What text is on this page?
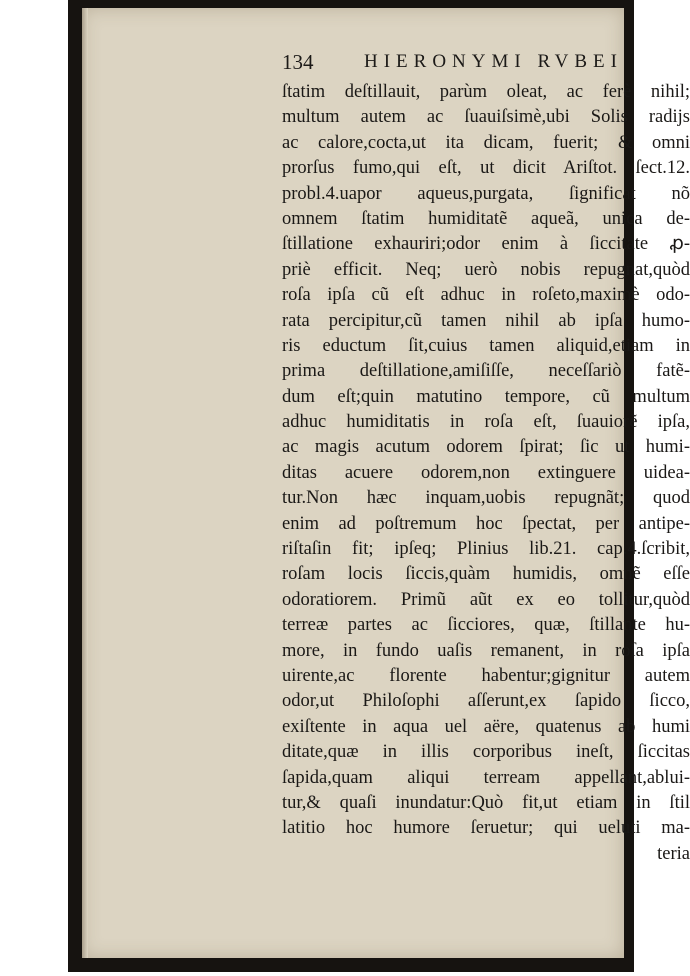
134	HIERONYMI RVBEI
ſtatim deſtillauit, parùm oleat, ac ferè nihil;
multum autem ac ſuauiſsimè,ubi Solis radijs
ac calore,cocta,ut ita dicam, fuerit; & omni
prorſus fumo,qui eſt, ut dicit Ariſtot. ſect.12.
probl.4.uapor aqueus,purgata, ſignificat nõ
omnem ſtatim humiditatẽ aqueã, unica de-
ſtillatione exhauriri;odor enim à ſiccitate ꝓ-
priè efficit. Neq; uerò nobis repugnat,quòd
roſa ipſa cũ eſt adhuc in roſeto,maximè odo-
rata percipitur,cũ tamen nihil ab ipſa humo-
ris eductum ſit,cuius tamen aliquid,etiam in
prima deſtillatione,amiſiſſe, neceſſariò fatẽ-
dum eſt;quin matutino tempore, cũ multum
adhuc humiditatis in roſa eſt, ſuauiorẽ ipſa,
ac magis acutum odorem ſpirat; ſic ut humi-
ditas acuere odorem,non extinguere uidea-
tur.Non hæc inquam,uobis repugnãt; quod
enim ad poſtremum hoc ſpectat, per antipe-
riſtaſin fit; ipſeq; Plinius lib.21. cap.4.ſcribit,
roſam locis ſiccis,quàm humidis, omnẽ eſſe
odoratiorem. Primũ aũt ex eo tollitur,quòd
terreæ partes ac ſicciores, quæ, ſtillante hu-
more, in fundo uaſis remanent, in roſa ipſa
uirente,ac florente habentur;gignitur autem
odor,ut Philoſophi aſſerunt,ex ſapido ſicco,
exiſtente in aqua uel aëre, quatenus ab humi
ditate,quæ in illis corporibus ineſt, ſiccitas
ſapida,quam aliqui terream appellant,ablui-
tur,& quaſi inundatur:Quò fit,ut etiam in ſtil
latitio hoc humore ſeruetur; qui ueluti ma-
teria
